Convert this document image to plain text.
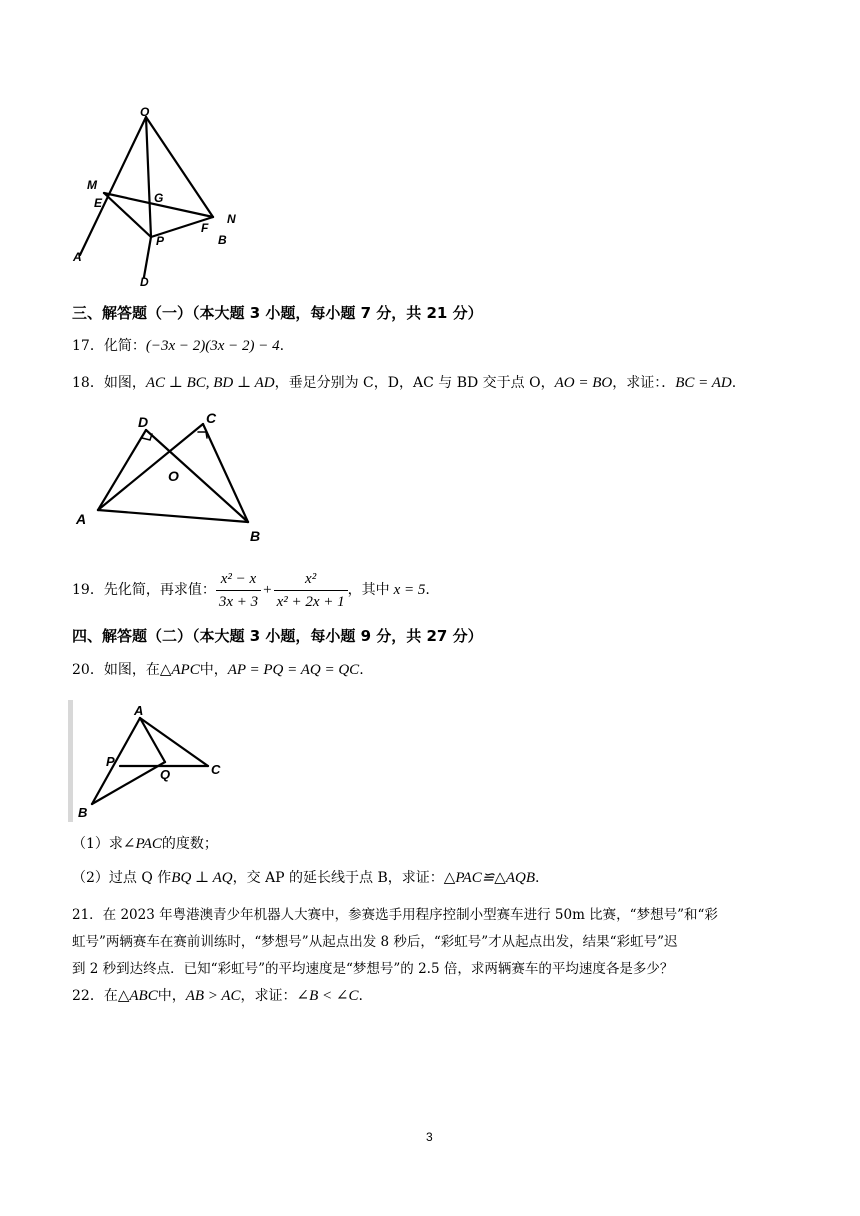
O
M
E	G
N
F
B
P
A
D
三、解答题（一）（本大题 3 小题，每小题 7 分，共 21 分）
17．化简：(−3x − 2)(3x − 2) − 4.
18．如图，AC ⊥ BC, BD ⊥ AD，垂足分别为 C，D，AC 与 BD 交于点 O，AO = BO，求证：．BC = AD.
D	C
O
A
B
19．先化简，再求值： $\frac{\text{x² − x}}{3x + 3} + \frac{\text{x²}}{\text{x² + 2x + 1}}$ ，其中 x = 5 .
四、解答题（二）（本大题 3 小题，每小题 9 分，共 27 分）
20．如图，在△APC中，AP = PQ = AQ = QC.
A
P
Q	C
B
（1）求∠PAC的度数；
（2）过点 Q 作BQ ⊥ AQ，交 AP 的延长线于点 B，求证：△PAC≌△AQB.
21．在 2023 年粤港澳青少年机器人大赛中，参赛选手用程序控制小型赛车进行 50m 比赛，“梦想号”和“彩
虹号”两辆赛车在赛前训练时，“梦想号”从起点出发 8 秒后，“彩虹号”才从起点出发，结果“彩虹号”迟
到 2 秒到达终点．已知“彩虹号”的平均速度是“梦想号”的 2.5 倍，求两辆赛车的平均速度各是多少？
22．在△ABC中，AB > AC，求证：∠B < ∠C.
3
